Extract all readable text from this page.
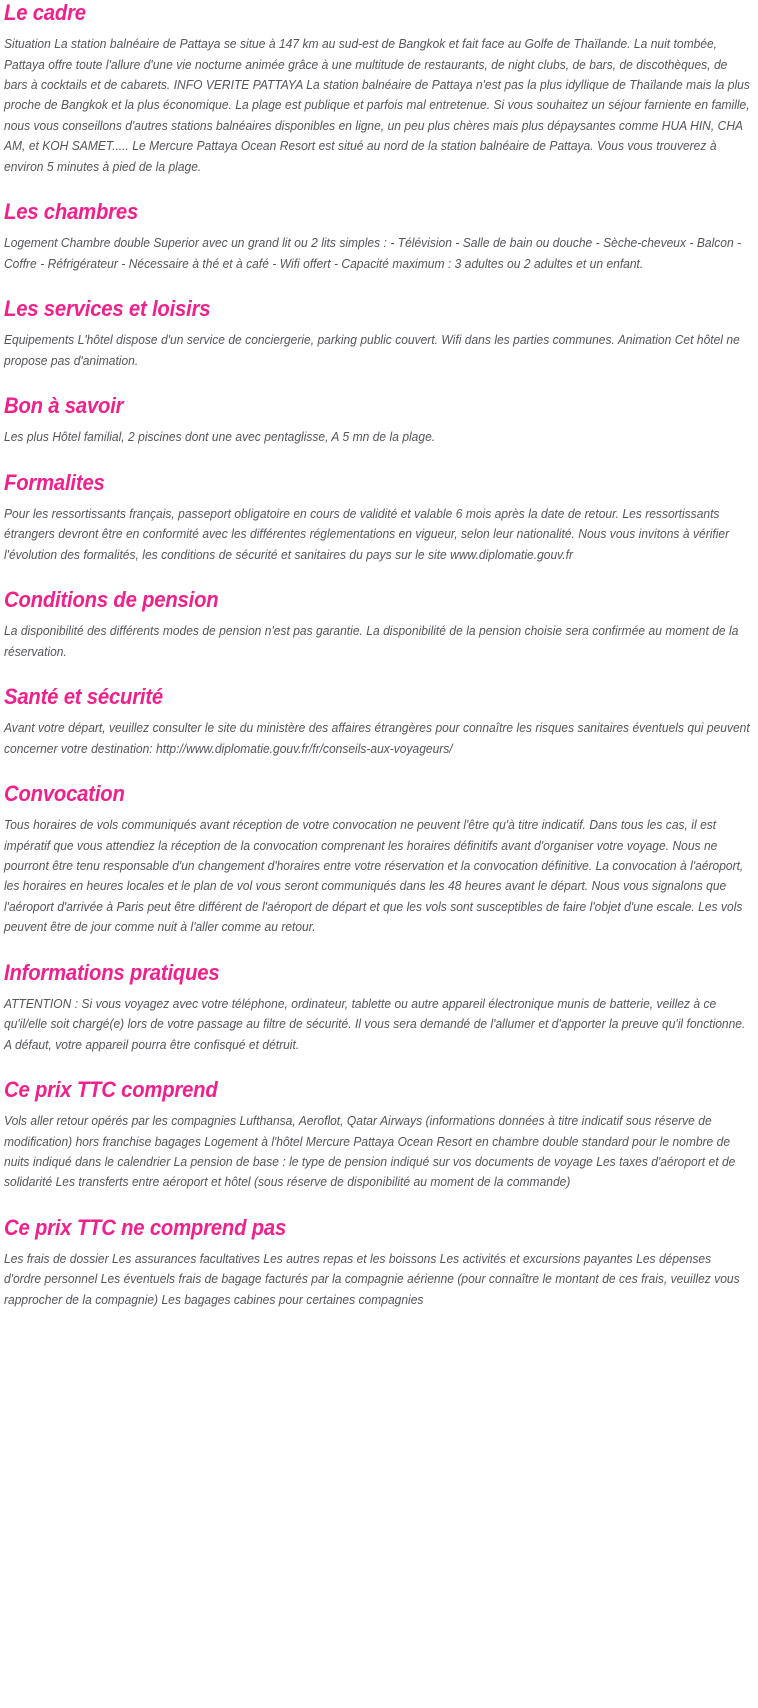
Le cadre

Situation La station balnéaire de Pattaya se situe à 147 km au sud-est de Bangkok et fait face au Golfe de Thaïlande. La nuit tombée, Pattaya offre toute l'allure d'une vie nocturne animée grâce à une multitude de restaurants, de night clubs, de bars, de discothèques, de bars à cocktails et de cabarets. INFO VERITE PATTAYA La station balnéaire de Pattaya n'est pas la plus idyllique de Thaïlande mais la plus proche de Bangkok et la plus économique. La plage est publique et parfois mal entretenue. Si vous souhaitez un séjour farniente en famille, nous vous conseillons d'autres stations balnéaires disponibles en ligne, un peu plus chères mais plus dépaysantes comme HUA HIN, CHA AM, et KOH SAMET..... Le Mercure Pattaya Ocean Resort est situé au nord de la station balnéaire de Pattaya. Vous vous trouverez à environ 5 minutes à pied de la plage.

Les chambres

Logement Chambre double Superior avec un grand lit ou 2 lits simples : - Télévision - Salle de bain ou douche - Sèche-cheveux - Balcon - Coffre - Réfrigérateur - Nécessaire à thé et à café - Wifi offert - Capacité maximum : 3 adultes ou 2 adultes et un enfant.

Les services et loisirs

Equipements L'hôtel dispose d'un service de conciergerie, parking public couvert. Wifi dans les parties communes. Animation Cet hôtel ne propose pas d'animation.

Bon à savoir

Les plus Hôtel familial, 2 piscines dont une avec pentaglisse, A 5 mn de la plage.

Formalites

Pour les ressortissants français, passeport obligatoire en cours de validité et valable 6 mois après la date de retour. Les ressortissants étrangers devront être en conformité avec les différentes réglementations en vigueur, selon leur nationalité. Nous vous invitons à vérifier l'évolution des formalités, les conditions de sécurité et sanitaires du pays sur le site www.diplomatie.gouv.fr

Conditions de pension

La disponibilité des différents modes de pension n'est pas garantie. La disponibilité de la pension choisie sera confirmée au moment de la réservation.

Santé et sécurité

Avant votre départ, veuillez consulter le site du ministère des affaires étrangères pour connaître les risques sanitaires éventuels qui peuvent concerner votre destination: http://www.diplomatie.gouv.fr/fr/conseils-aux-voyageurs/

Convocation

Tous horaires de vols communiqués avant réception de votre convocation ne peuvent l'être qu'à titre indicatif. Dans tous les cas, il est impératif que vous attendiez la réception de la convocation comprenant les horaires définitifs avant d'organiser votre voyage. Nous ne pourront être tenu responsable d'un changement d'horaires entre votre réservation et la convocation définitive. La convocation à l'aéroport, les horaires en heures locales et le plan de vol vous seront communiqués dans les 48 heures avant le départ. Nous vous signalons que l'aéroport d'arrivée à Paris peut être différent de l'aéroport de départ et que les vols sont susceptibles de faire l'objet d'une escale. Les vols peuvent être de jour comme nuit à l'aller comme au retour.

Informations pratiques

ATTENTION : Si vous voyagez avec votre téléphone, ordinateur, tablette ou autre appareil électronique munis de batterie, veillez à ce qu'il/elle soit chargé(e) lors de votre passage au filtre de sécurité. Il vous sera demandé de l'allumer et d'apporter la preuve qu'il fonctionne. A défaut, votre appareil pourra être confisqué et détruit.

Ce prix TTC comprend

Vols aller retour opérés par les compagnies Lufthansa, Aeroflot, Qatar Airways (informations données à titre indicatif sous réserve de modification) hors franchise bagages Logement à l'hôtel Mercure Pattaya Ocean Resort en chambre double standard pour le nombre de nuits indiqué dans le calendrier La pension de base : le type de pension indiqué sur vos documents de voyage Les taxes d'aéroport et de solidarité Les transferts entre aéroport et hôtel (sous réserve de disponibilité au moment de la commande)

Ce prix TTC ne comprend pas

Les frais de dossier Les assurances facultatives Les autres repas et les boissons Les activités et excursions payantes Les dépenses d'ordre personnel Les éventuels frais de bagage facturés par la compagnie aérienne (pour connaître le montant de ces frais, veuillez vous rapprocher de la compagnie) Les bagages cabines pour certaines compagnies
